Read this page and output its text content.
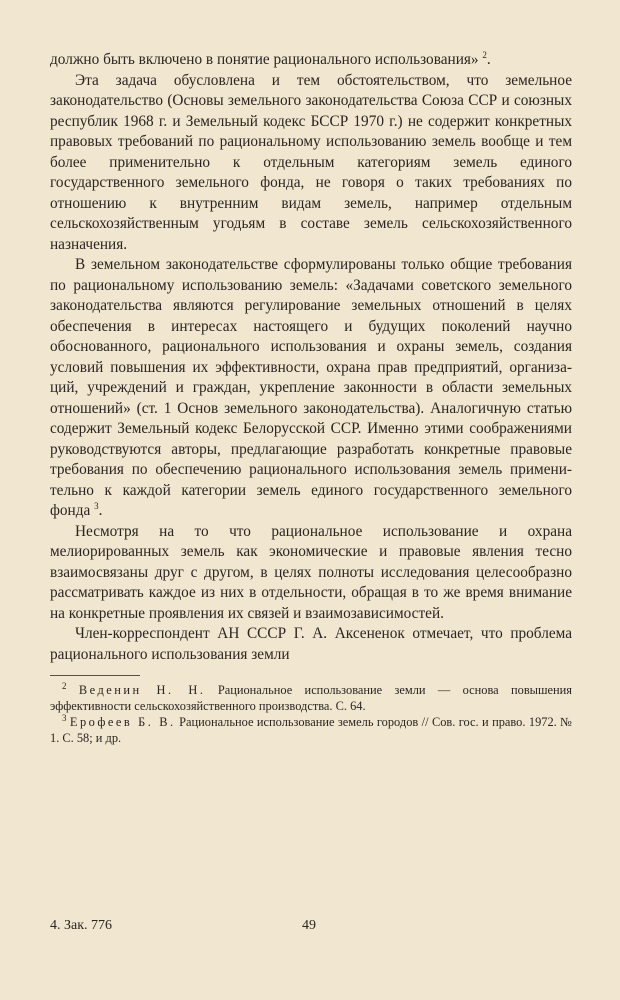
должно быть включено в понятие рационального использования» $^2$.

Эта задача обусловлена и тем обстоятельством, что земельное законодательство (Основы земельного законодательства Союза ССР и союзных республик 1968 г. и Земельный кодекс БССР 1970 г.) не содержит конкретных правовых требований по рациональному использованию земель вообще и тем более применительно к отдельным категориям земель единого государственного земельного фонда, не говоря о таких требованиях по отношению к внутренним видам земель, например отдельным сельскохозяйственным угодьям в составе земель сельскохозяйственного назначения.

В земельном законодательстве сформулированы только общие требования по рациональному использованию земель: «Задачами советского земельного законодательства являются регулирование земельных отношений в целях обеспечения в интересах настоящего и будущих поколений научно обоснованного, рационального использования и охраны земель, создания условий повышения их эффективности, охрана прав предприятий, организаций, учреждений и граждан, укрепление законности в области земельных отношений» (ст. 1 Основ земельного законодательства). Аналогичную статью содержит Земельный кодекс Белорусской ССР. Именно этими соображениями руководствуются авторы, предлагающие разработать конкретные правовые требования по обеспечению рационального использования земель применительно к каждой категории земель единого государственного земельного фонда $^3$.

Несмотря на то что рациональное использование и охрана мелиорированных земель как экономические и правовые явления тесно взаимосвязаны друг с другом, в целях полноты исследования целесообразно рассматривать каждое из них в отдельности, обращая в то же время внимание на конкретные проявления их связей и взаимозависимостей.

Член-корреспондент АН СССР Г. А. Аксененок отмечает, что проблема рационального использования земли

$^2$ Веденин Н. Н. Рациональное использование земли — основа повышения эффективности сельскохозяйственного производства. С. 64.

$^3$ Ерофеев Б. В. Рациональное использование земель городов // Сов. гос. и право. 1972. № 1. С. 58; и др.

4. Зак. 776	49
